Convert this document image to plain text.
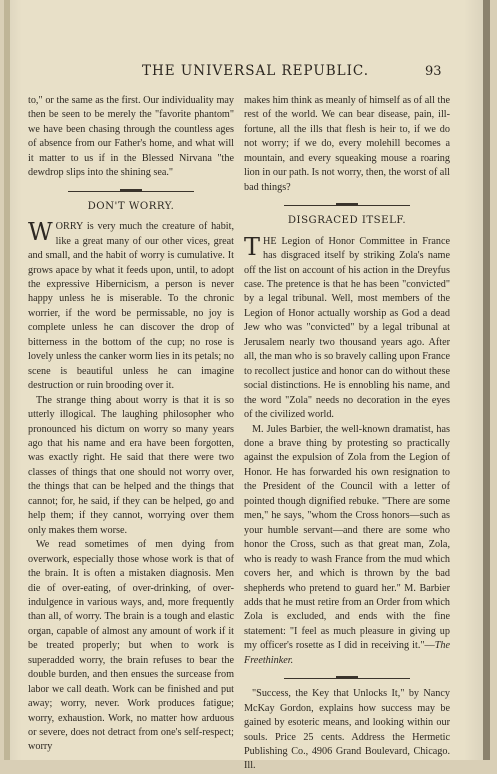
THE UNIVERSAL REPUBLIC.	93

to," or the same as the first. Our individuality may then be seen to be merely the "favorite phantom" we have been chasing through the countless ages of absence from our Father's home, and what will it matter to us if in the Blessed Nirvana "the dewdrop slips into the shining sea."

DON'T WORRY.

WORRY is very much the creature of habit, like a great many of our other vices, great and small, and the habit of worry is cumulative. It grows apace by what it feeds upon, until, to adopt the expressive Hibernicism, a person is never happy unless he is miserable. To the chronic worrier, if the word be permissable, no joy is complete unless he can discover the drop of bitterness in the bottom of the cup; no rose is lovely unless the canker worm lies in its petals; no scene is beautiful unless he can imagine destruction or ruin brooding over it.

The strange thing about worry is that it is so utterly illogical. The laughing philosopher who pronounced his dictum on worry so many years ago that his name and era have been forgotten, was exactly right. He said that there were two classes of things that one should not worry over, the things that can be helped and the things that cannot; for, he said, if they can be helped, go and help them; if they cannot, worrying over them only makes them worse.

We read sometimes of men dying from overwork, especially those whose work is that of the brain. It is often a mistaken diagnosis. Men die of over-eating, of over-drinking, of over-indulgence in various ways, and, more frequently than all, of worry. The brain is a tough and elastic organ, capable of almost any amount of work if it be treated properly; but when to work is superadded worry, the brain refuses to bear the double burden, and then ensues the surcease from labor we call death. Work can be finished and put away; worry, never. Work produces fatigue; worry, exhaustion. Work, no matter how arduous or severe, does not detract from one's self-respect; worry

makes him think as meanly of himself as of all the rest of the world. We can bear disease, pain, ill-fortune, all the ills that flesh is heir to, if we do not worry; if we do, every molehill becomes a mountain, and every squeaking mouse a roaring lion in our path. Is not worry, then, the worst of all bad things?

DISGRACED ITSELF.

THE Legion of Honor Committee in France has disgraced itself by striking Zola's name off the list on account of his action in the Dreyfus case. The pretence is that he has been "convicted" by a legal tribunal. Well, most members of the Legion of Honor actually worship as God a dead Jew who was "convicted" by a legal tribunal at Jerusalem nearly two thousand years ago. After all, the man who is so bravely calling upon France to recollect justice and honor can do without these social distinctions. He is ennobling his name, and the word "Zola" needs no decoration in the eyes of the civilized world.

M. Jules Barbier, the well-known dramatist, has done a brave thing by protesting so practically against the expulsion of Zola from the Legion of Honor. He has forwarded his own resignation to the President of the Council with a letter of pointed though dignified rebuke. "There are some men," he says, "whom the Cross honors—such as your humble servant—and there are some who honor the Cross, such as that great man, Zola, who is ready to wash France from the mud which covers her, and which is thrown by the bad shepherds who pretend to guard her." M. Barbier adds that he must retire from an Order from which Zola is excluded, and ends with the fine statement: "I feel as much pleasure in giving up my officer's rosette as I did in receiving it."—The Freethinker.

"Success, the Key that Unlocks It," by Nancy McKay Gordon, explains how success may be gained by esoteric means, and looking within our souls. Price 25 cents. Address the Hermetic Publishing Co., 4906 Grand Boulevard, Chicago. Ill.
